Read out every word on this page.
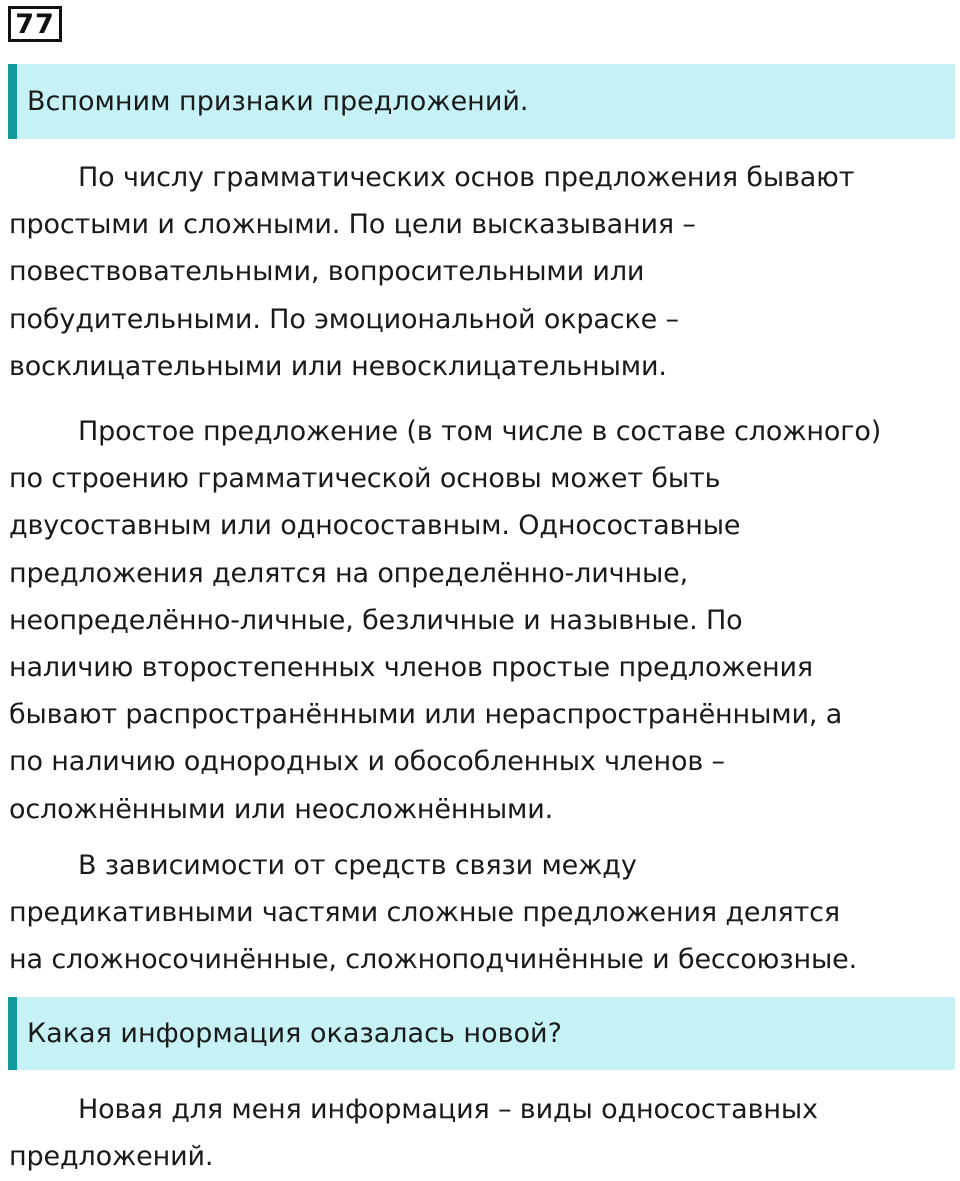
77
Вспомним признаки предложений.
По числу грамматических основ предложения бывают
простыми и сложными. По цели высказывания –
повествовательными, вопросительными или
побудительными. По эмоциональной окраске –
восклицательными или невосклицательными.
Простое предложение (в том числе в составе сложного)
по строению грамматической основы может быть
двусоставным или односоставным. Односоставные
предложения делятся на определённо-личные,
неопределённо-личные, безличные и назывные. По
наличию второстепенных членов простые предложения
бывают распространёнными или нераспространёнными, а
по наличию однородных и обособленных членов –
осложнёнными или неосложнёнными.
В зависимости от средств связи между
предикативными частями сложные предложения делятся
на сложносочинённые, сложноподчинённые и бессоюзные.
Какая информация оказалась новой?
Новая для меня информация – виды односоставных
предложений.
